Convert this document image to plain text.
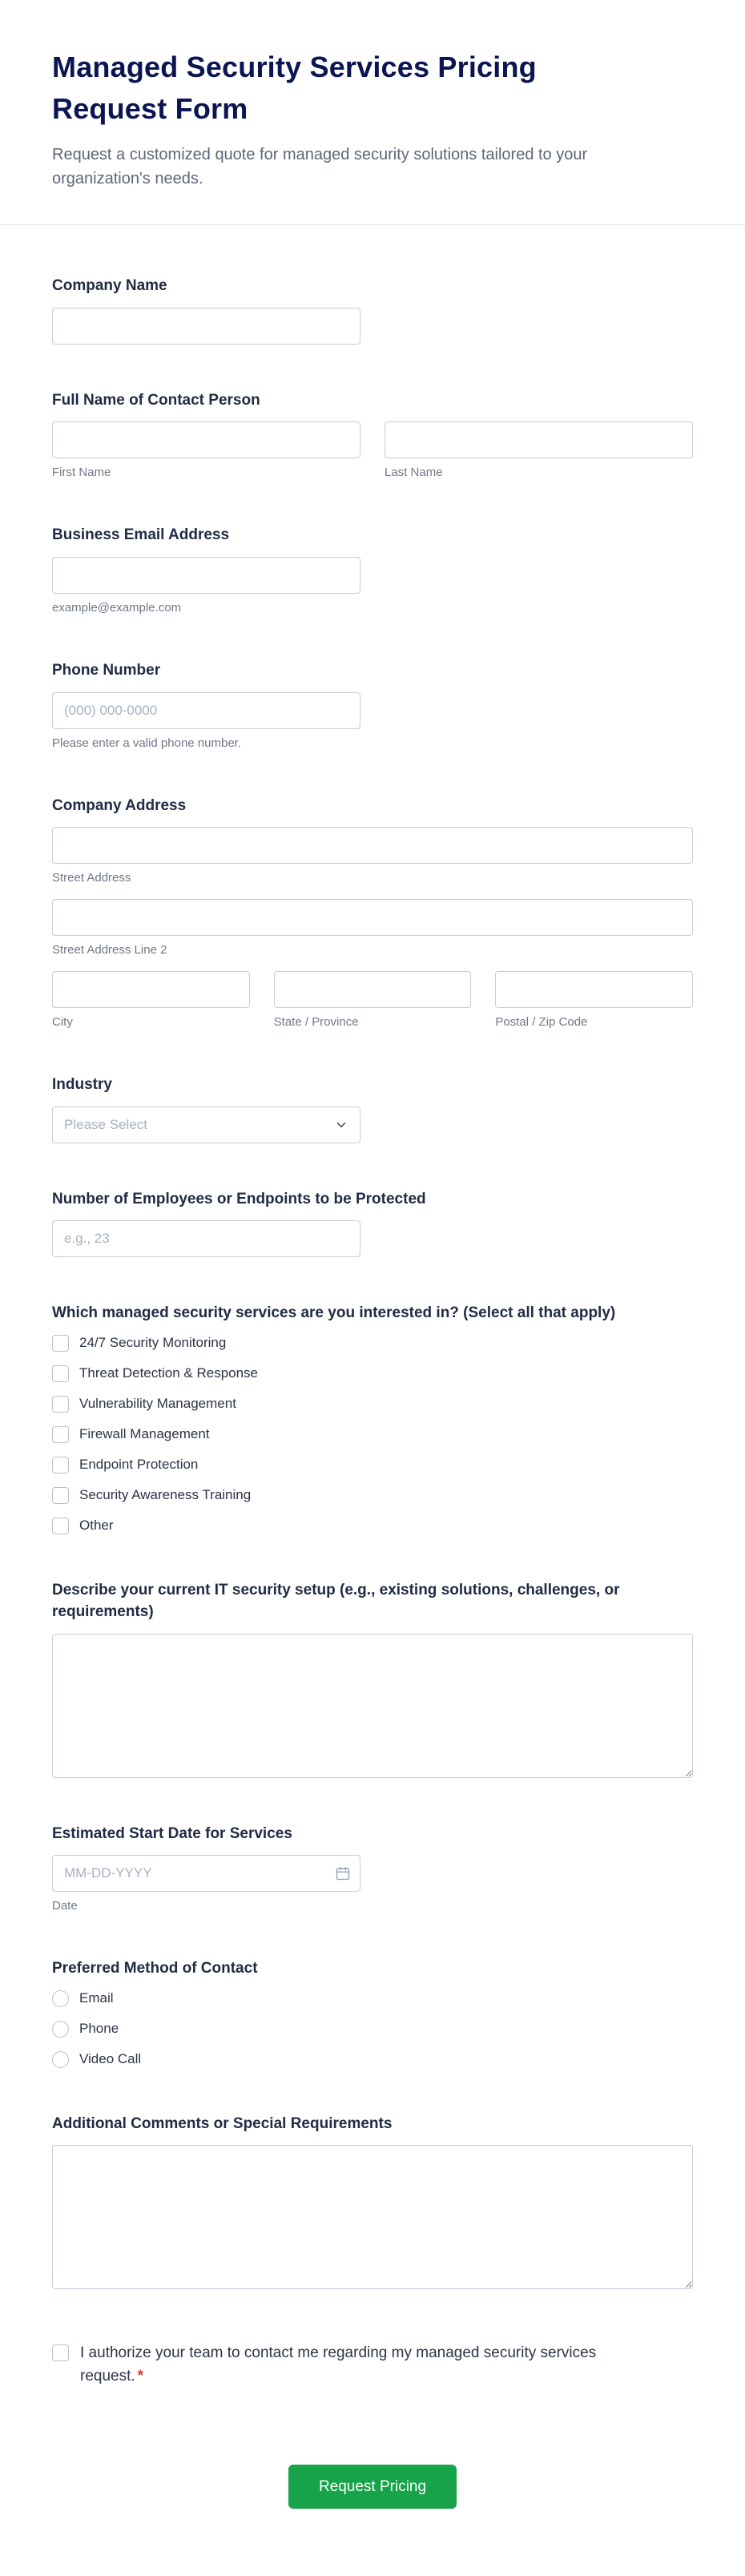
Managed Security Services Pricing Request Form

Request a customized quote for managed security solutions tailored to your organization's needs.

Company Name
Full Name of Contact Person
First Name	Last Name
Business Email Address
example@example.com
Phone Number
(000) 000-0000
Please enter a valid phone number.
Company Address
Street Address
Street Address Line 2
City	State / Province	Postal / Zip Code
Industry
Please Select
Number of Employees or Endpoints to be Protected
e.g., 23
Which managed security services are you interested in? (Select all that apply)
24/7 Security Monitoring
Threat Detection & Response
Vulnerability Management
Firewall Management
Endpoint Protection
Security Awareness Training
Other
Describe your current IT security setup (e.g., existing solutions, challenges, or requirements)
Estimated Start Date for Services
MM-DD-YYYY
Date
Preferred Method of Contact
Email
Phone
Video Call
Additional Comments or Special Requirements
I authorize your team to contact me regarding my managed security services request. *
Request Pricing
